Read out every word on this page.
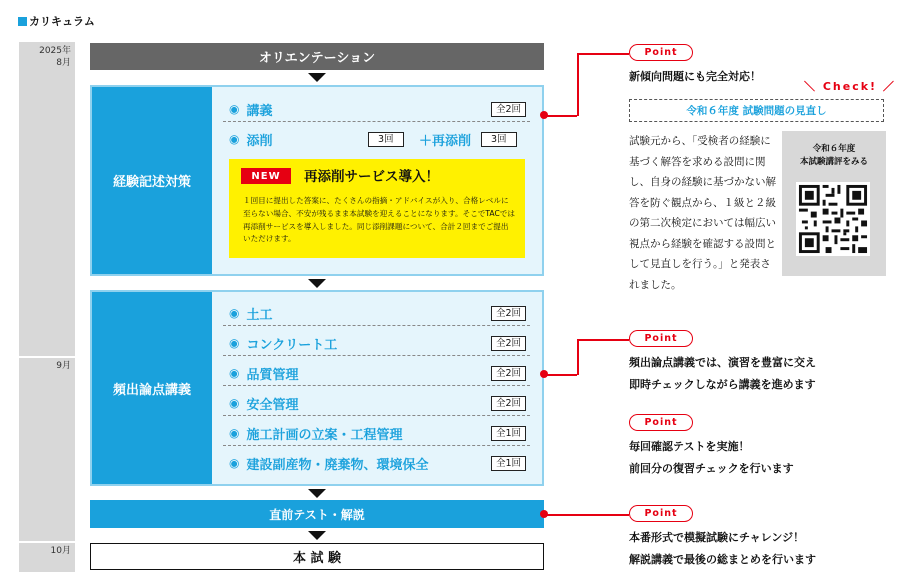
カリキュラム
2025年
8月
9月
10月
オリエンテーション
経験記述対策
◉ 講義	全2回
◉ 添削	3回	＋再添削	3回
NEW	再添削サービス導入！
１回目に提出した答案に、たくさんの指摘・アドバイスが入り、合格レベルに至らない場合、不安が残るまま本試験を迎えることになります。そこでTACでは再添削サービスを導入しました。同じ添削課題について、合計２回までご提出いただけます。
頻出論点講義
◉ 土工	全2回
◉ コンクリート工	全2回
◉ 品質管理	全2回
◉ 安全管理	全2回
◉ 施工計画の立案・工程管理	全1回
◉ 建設副産物・廃棄物、環境保全	全1回
直前テスト・解説
本 試 験
Point
新傾向問題にも完全対応！
＼ Check! ／
令和６年度 試験問題の見直し
試験元から、「受検者の経験に基づく解答を求める設問に関し、自身の経験に基づかない解答を防ぐ観点から、１級と２級の第二次検定においては幅広い視点から経験を確認する設問として見直しを行う。」と発表されました。
令和６年度
本試験講評をみる
Point
頻出論点講義では、演習を豊富に交え
即時チェックしながら講義を進めます
Point
毎回確認テストを実施！
前回分の復習チェックを行います
Point
本番形式で模擬試験にチャレンジ！
解説講義で最後の総まとめを行います
